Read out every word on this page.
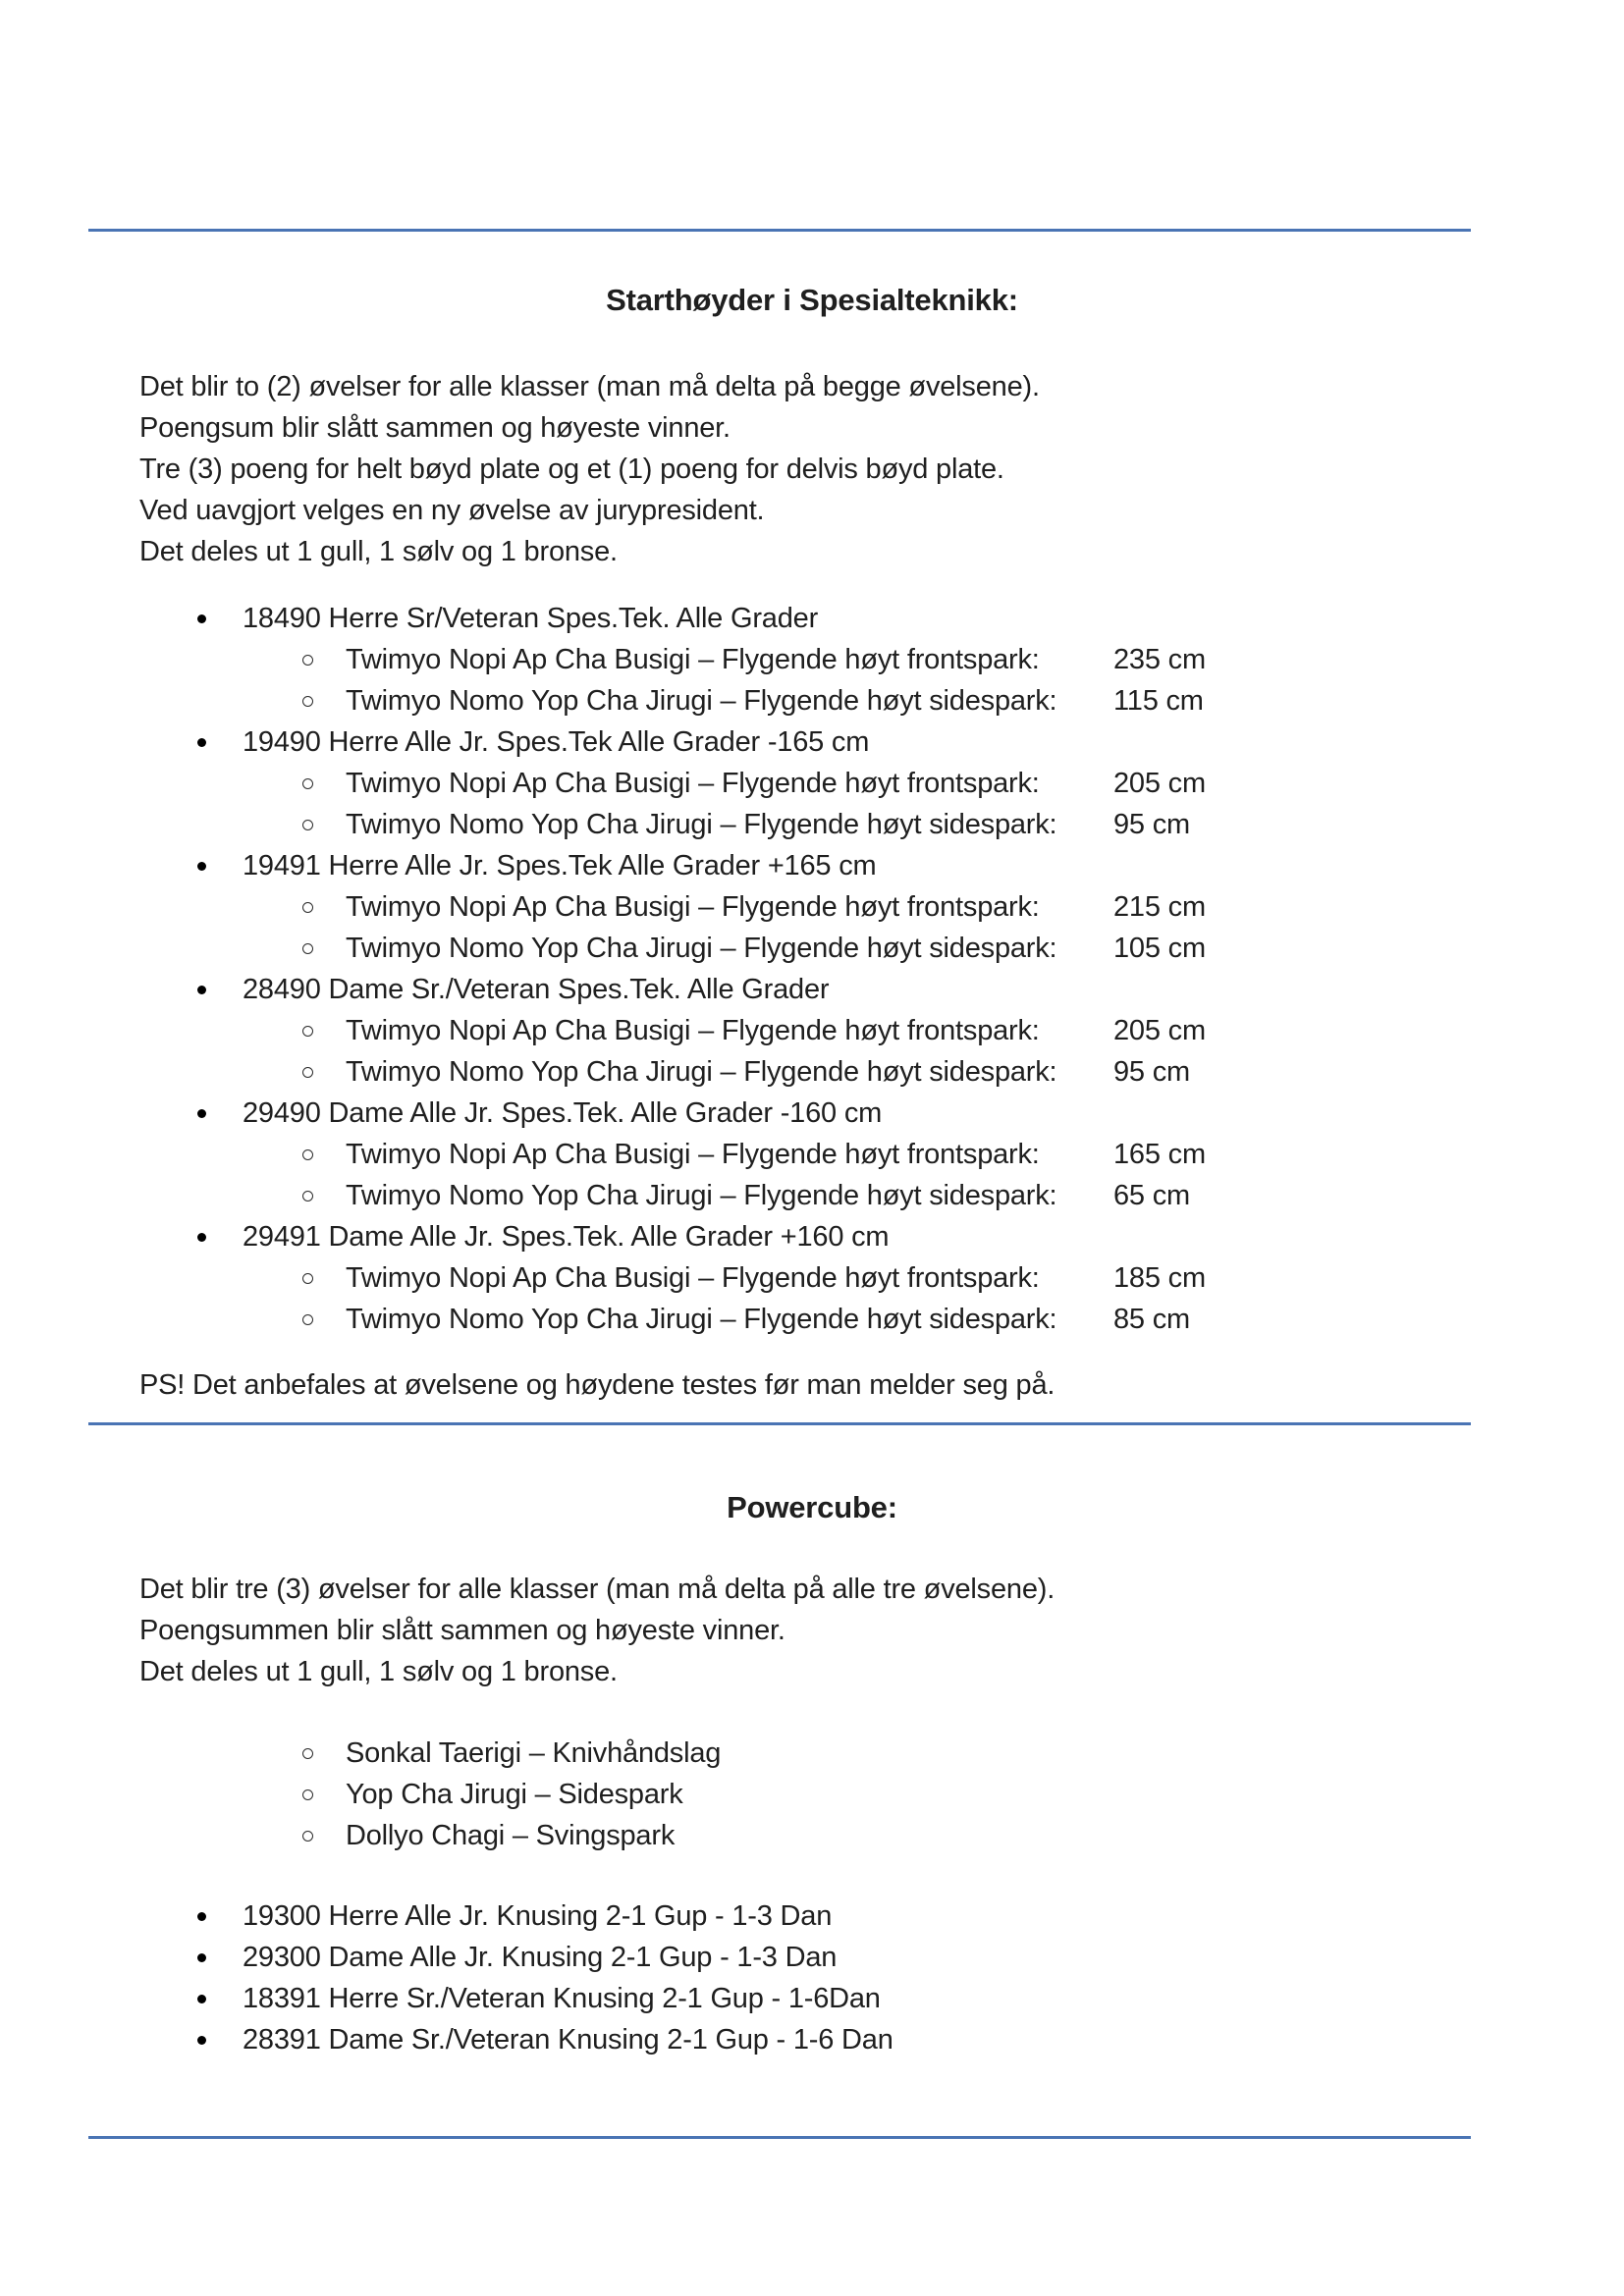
Starthøyder i Spesialteknikk:
Det blir to (2) øvelser for alle klasser (man må delta på begge øvelsene).
Poengsum blir slått sammen og høyeste vinner.
Tre (3) poeng for helt bøyd plate og et (1) poeng for delvis bøyd plate.
Ved uavgjort velges en ny øvelse av jurypresident.
Det deles ut 1 gull, 1 sølv og 1 bronse.
18490 Herre Sr/Veteran Spes.Tek. Alle Grader
Twimyo Nopi Ap Cha Busigi – Flygende høyt frontspark:	235 cm
Twimyo Nomo Yop Cha Jirugi – Flygende høyt sidespark: 115 cm
19490 Herre Alle Jr. Spes.Tek Alle Grader -165 cm
Twimyo Nopi Ap Cha Busigi – Flygende høyt frontspark:	205 cm
Twimyo Nomo Yop Cha Jirugi – Flygende høyt sidespark: 95 cm
19491 Herre Alle Jr. Spes.Tek Alle Grader +165 cm
Twimyo Nopi Ap Cha Busigi – Flygende høyt frontspark:	215 cm
Twimyo Nomo Yop Cha Jirugi – Flygende høyt sidespark: 105 cm
28490 Dame Sr./Veteran Spes.Tek. Alle Grader
Twimyo Nopi Ap Cha Busigi – Flygende høyt frontspark:	205 cm
Twimyo Nomo Yop Cha Jirugi – Flygende høyt sidespark: 95 cm
29490 Dame Alle Jr. Spes.Tek. Alle Grader -160 cm
Twimyo Nopi Ap Cha Busigi – Flygende høyt frontspark:	165 cm
Twimyo Nomo Yop Cha Jirugi – Flygende høyt sidespark: 65 cm
29491 Dame Alle Jr. Spes.Tek. Alle Grader +160 cm
Twimyo Nopi Ap Cha Busigi – Flygende høyt frontspark:	185 cm
Twimyo Nomo Yop Cha Jirugi – Flygende høyt sidespark: 85 cm
PS! Det anbefales at øvelsene og høydene testes før man melder seg på.
Powercube:
Det blir tre (3) øvelser for alle klasser (man må delta på alle tre øvelsene).
Poengsummen blir slått sammen og høyeste vinner.
Det deles ut 1 gull, 1 sølv og 1 bronse.
Sonkal Taerigi – Knivhåndslag
Yop Cha Jirugi – Sidespark
Dollyo Chagi – Svingspark
19300 Herre Alle Jr. Knusing 2-1 Gup - 1-3 Dan
29300 Dame Alle Jr. Knusing 2-1 Gup - 1-3 Dan
18391 Herre Sr./Veteran Knusing 2-1 Gup - 1-6Dan
28391 Dame Sr./Veteran Knusing 2-1 Gup - 1-6 Dan
